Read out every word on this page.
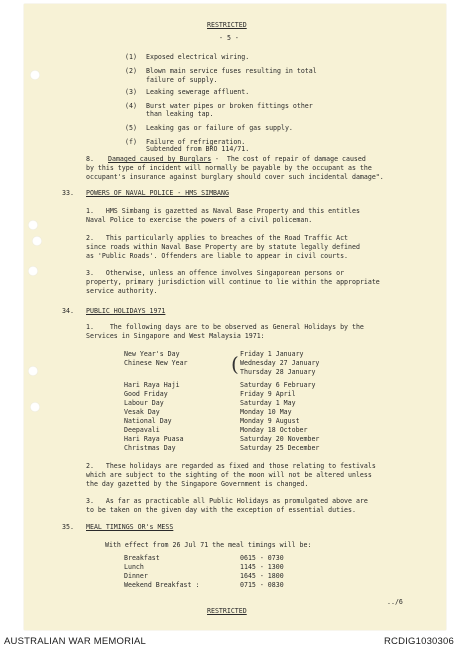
RESTRICTED
- 5 -
(1) Exposed electrical wiring.
(2) Blown main service fuses resulting in total
failure of supply.
(3) Leaking sewerage affluent.
(4) Burst water pipes or broken fittings other
than leaking tap.
(5) Leaking gas or failure of gas supply.
(f) Failure of refrigeration.
Subtended from BRO 114/71.
8. Damaged caused by Burglars -  The cost of repair of damage caused
by this type of incident will normally be payable by the occupant as the
occupant's insurance against burglary should cover such incidental damage".
33. POWERS OF NAVAL POLICE - HMS SIMBANG
1.   HMS Simbang is gazetted as Naval Base Property and this entitles
Naval Police to exercise the powers of a civil policeman.
2.   This particularly applies to breaches of the Road Traffic Act
since roads within Naval Base Property are by statute legally defined
as 'Public Roads'. Offenders are liable to appear in civil courts.
3.   Otherwise, unless an offence involves Singaporean persons or
property, primary jurisdiction will continue to lie within the appropriate
service authority.
34. PUBLIC HOLIDAYS 1971
1.    The following days are to be observed as General Holidays by the
Services in Singapore and West Malaysia 1971:
New Year's Day	Friday 1 January
Chinese New Year	Wednesday 27 January
Thursday 28 January
(
Hari Raya Haji	Saturday 6 February
Good Friday	Friday 9 April
Labour Day	Saturday 1 May
Vesak Day	Monday 10 May
National Day	Monday 9 August
Deepavali	Monday 18 October
Hari Raya Puasa	Saturday 20 November
Christmas Day	Saturday 25 December
2.   These holidays are regarded as fixed and those relating to festivals
which are subject to the sighting of the moon will not be altered unless
the day gazetted by the Singapore Government is changed.
3.   As far as practicable all Public Holidays as promulgated above are
to be taken on the given day with the exception of essential duties.
35. MEAL TIMINGS OR's MESS
With effect from 26 Jul 71 the meal timings will be:
Breakfast	0615 - 0730
Lunch	1145 - 1300
Dinner	1645 - 1800
Weekend Breakfast :	0715 - 0830
../6
RESTRICTED
AUSTRALIAN WAR MEMORIAL	RCDIG1030306
